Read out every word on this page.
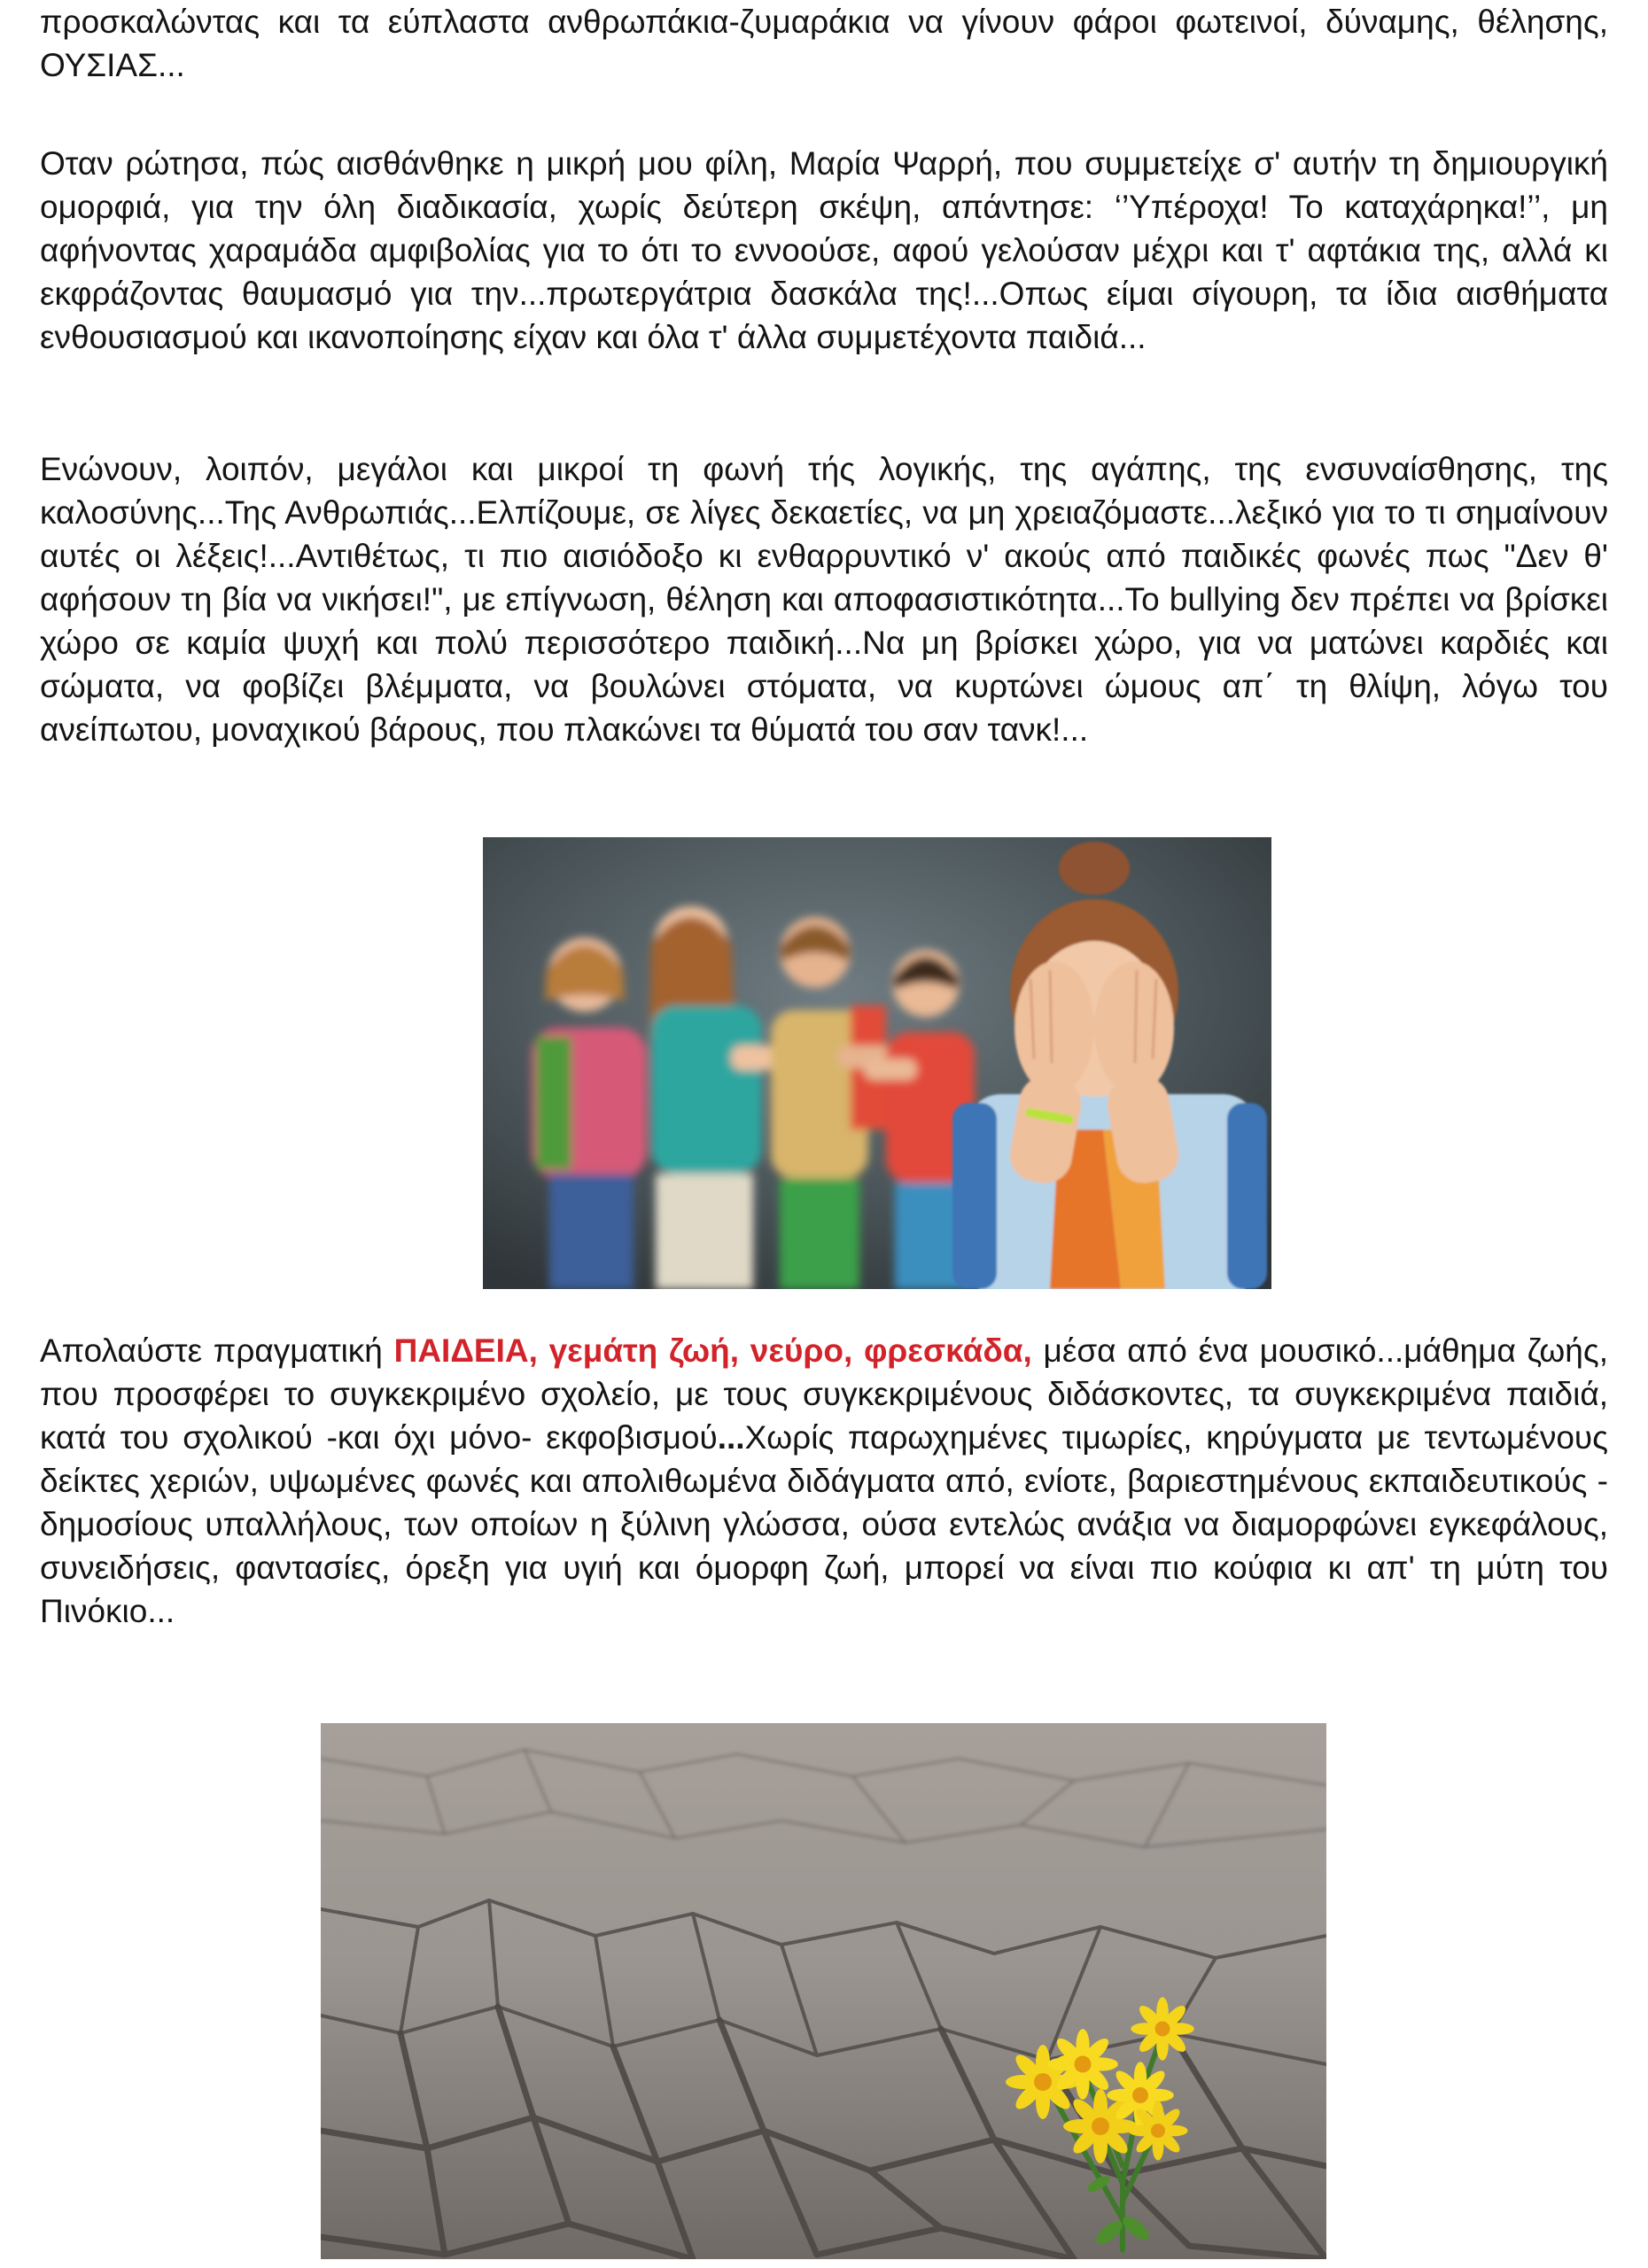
προσκαλώντας και τα εύπλαστα ανθρωπάκια-ζυμαράκια να γίνουν φάροι φωτεινοί, δύναμης, θέλησης, ΟΥΣΙΑΣ...

Οταν ρώτησα, πώς αισθάνθηκε η μικρή μου φίλη, Μαρία Ψαρρή, που συμμετείχε σ' αυτήν τη δημιουργική ομορφιά, για την όλη διαδικασία, χωρίς δεύτερη σκέψη, απάντησε: ‘’Υπέροχα! Το καταχάρηκα!’’, μη αφήνοντας χαραμάδα αμφιβολίας για το ότι το εννοούσε, αφού γελούσαν μέχρι και τ' αφτάκια της, αλλά κι εκφράζοντας θαυμασμό για την...πρωτεργάτρια δασκάλα της!...Οπως είμαι σίγουρη, τα ίδια αισθήματα ενθουσιασμού και ικανοποίησης είχαν και όλα τ' άλλα συμμετέχοντα παιδιά...

Ενώνουν, λοιπόν, μεγάλοι και μικροί τη φωνή τής λογικής, της αγάπης, της ενσυναίσθησης, της καλοσύνης...Της Ανθρωπιάς...Ελπίζουμε, σε λίγες δεκαετίες, να μη χρειαζόμαστε...λεξικό για το τι σημαίνουν αυτές οι λέξεις!...Αντιθέτως, τι πιο αισιόδοξο κι ενθαρρυντικό ν' ακούς από παιδικές φωνές πως "Δεν θ' αφήσουν τη βία να νικήσει!", με επίγνωση, θέληση και αποφασιστικότητα...Το bullying δεν πρέπει να βρίσκει χώρο σε καμία ψυχή και πολύ περισσότερο παιδική...Να μη βρίσκει χώρο, για να ματώνει καρδιές και σώματα, να φοβίζει βλέμματα, να βουλώνει στόματα, να κυρτώνει ώμους απ΄ τη θλίψη, λόγω του ανείπωτου, μοναχικού βάρους, που πλακώνει τα θύματά του σαν τανκ!...

Απολαύστε πραγματική ΠΑΙΔΕΙΑ, γεμάτη ζωή, νεύρο, φρεσκάδα, μέσα από ένα μουσικό...μάθημα ζωής, που προσφέρει το συγκεκριμένο σχολείο, με τους συγκεκριμένους διδάσκοντες, τα συγκεκριμένα παιδιά, κατά του σχολικού -και όχι μόνο- εκφοβισμού...Χωρίς παρωχημένες τιμωρίες, κηρύγματα με τεντωμένους δείκτες χεριών, υψωμένες φωνές και απολιθωμένα διδάγματα από, ενίοτε, βαριεστημένους εκπαιδευτικούς - δημοσίους υπαλλήλους, των οποίων η ξύλινη γλώσσα, ούσα εντελώς ανάξια να διαμορφώνει εγκεφάλους, συνειδήσεις, φαντασίες, όρεξη για υγιή και όμορφη ζωή, μπορεί να είναι πιο κούφια κι απ' τη μύτη του Πινόκιο...
